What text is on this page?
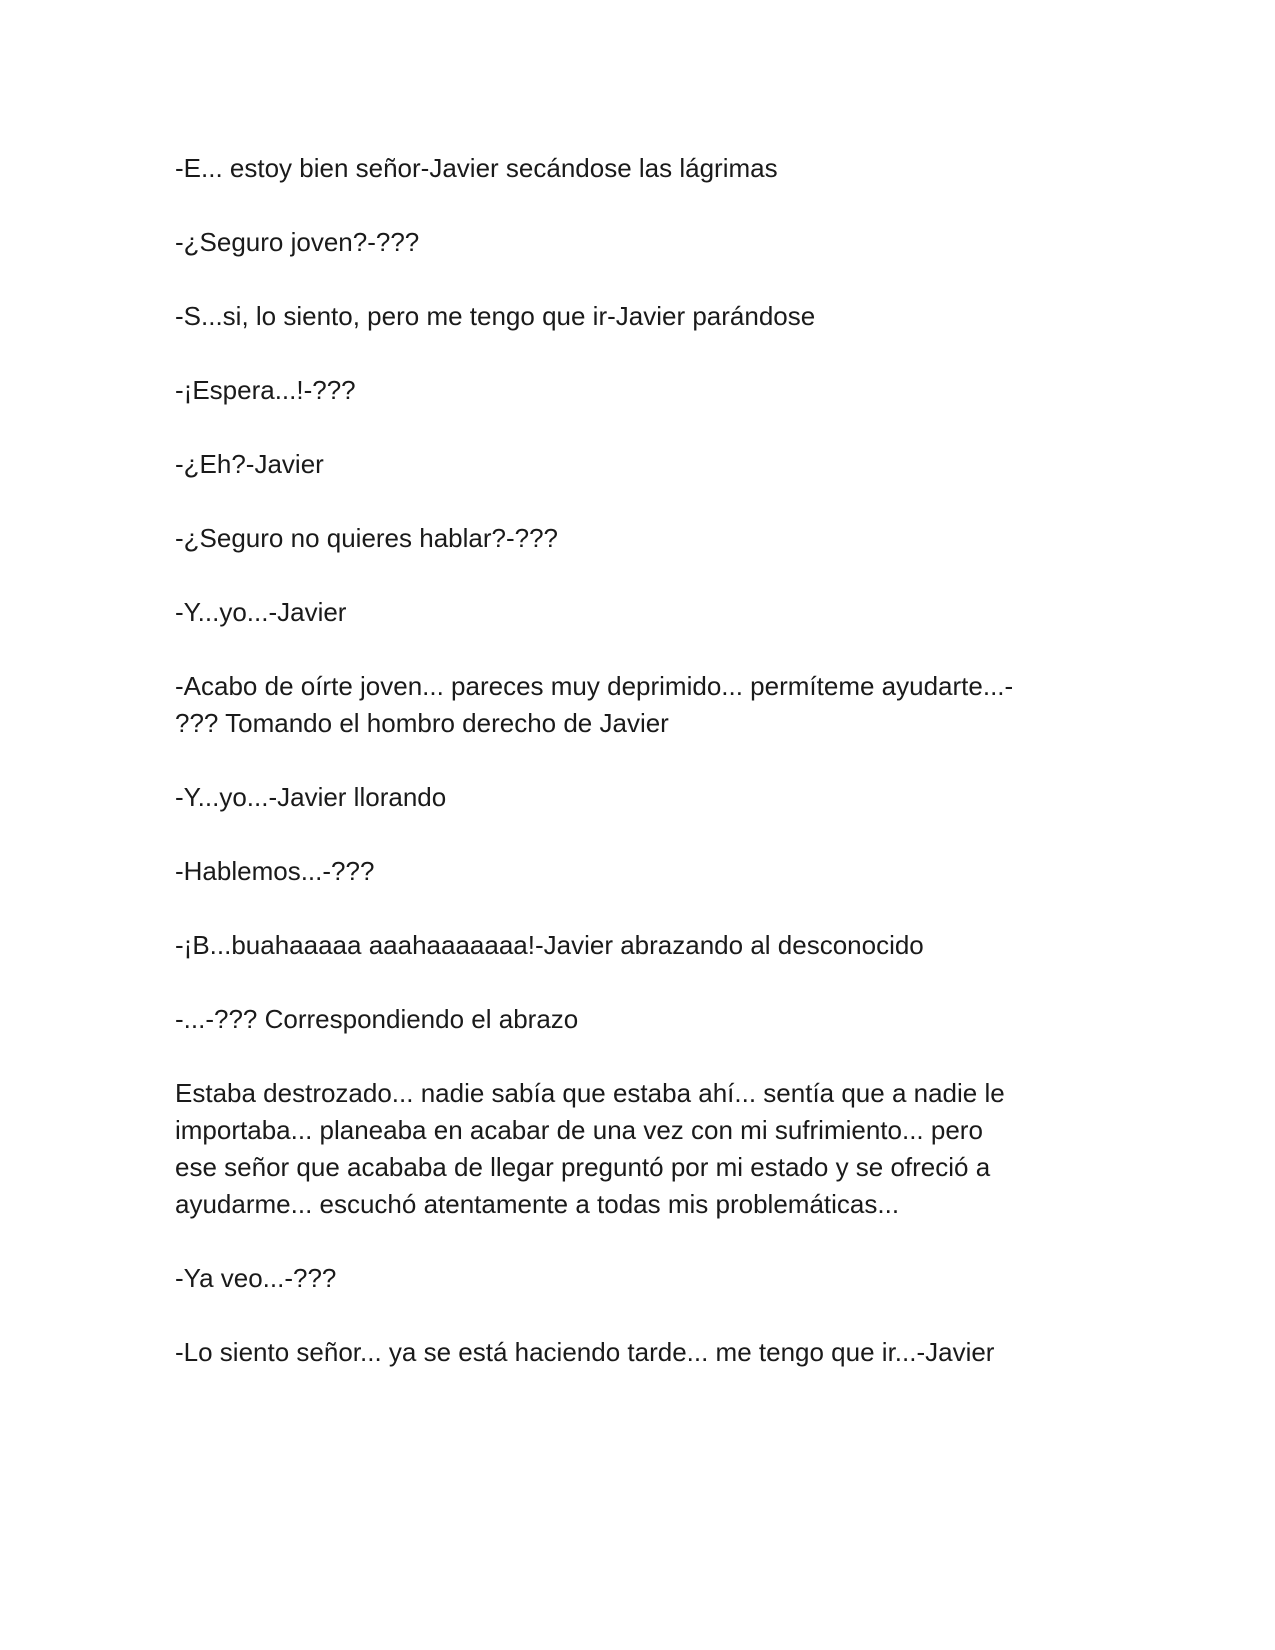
-E... estoy bien señor-Javier secándose las lágrimas

-¿Seguro joven?-???

-S...si, lo siento, pero me tengo que ir-Javier parándose

-¡Espera...!-???

-¿Eh?-Javier

-¿Seguro no quieres hablar?-???

-Y...yo...-Javier

-Acabo de oírte joven... pareces muy deprimido... permíteme ayudarte...-
??? Tomando el hombro derecho de Javier

-Y...yo...-Javier llorando

-Hablemos...-???

-¡B...buahaaaaa aaahaaaaaaa!-Javier abrazando al desconocido

-...-??? Correspondiendo el abrazo

Estaba destrozado... nadie sabía que estaba ahí... sentía que a nadie le
importaba... planeaba en acabar de una vez con mi sufrimiento... pero
ese señor que acababa de llegar preguntó por mi estado y se ofreció a
ayudarme... escuchó atentamente a todas mis problemáticas...

-Ya veo...-???

-Lo siento señor... ya se está haciendo tarde... me tengo que ir...-Javier
